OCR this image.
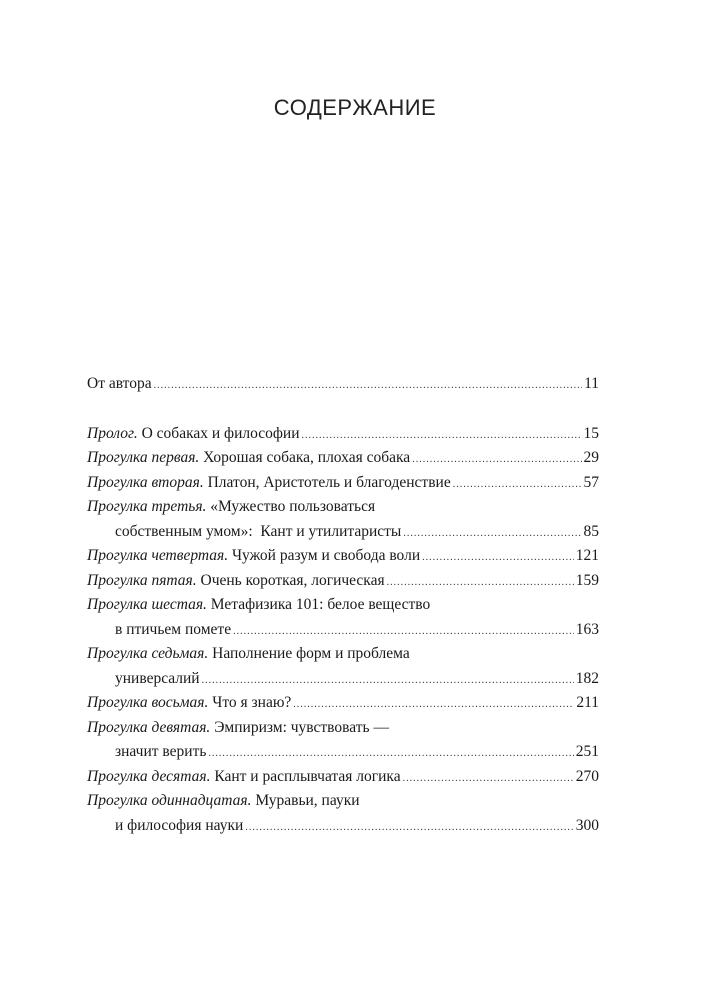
СОДЕРЖАНИЕ
От автора .....	11
Пролог. О собаках и философии .....	15
Прогулка первая. Хорошая собака, плохая собака .....	29
Прогулка вторая. Платон, Аристотель и благоденствие .....	57
Прогулка третья. «Мужество пользоваться
собственным умом»:  Кант и утилитаристы .....	85
Прогулка четвертая. Чужой разум и свобода воли .....	121
Прогулка пятая. Очень короткая, логическая .....	159
Прогулка шестая. Метафизика 101: белое вещество
в птичьем помете .....	163
Прогулка седьмая. Наполнение форм и проблема
универсалий .....	182
Прогулка восьмая. Что я знаю? .....	211
Прогулка девятая. Эмпиризм: чувствовать —
значит верить .....	251
Прогулка десятая. Кант и расплывчатая логика .....	270
Прогулка одиннадцатая. Муравьи, пауки
и философия науки .....	300
